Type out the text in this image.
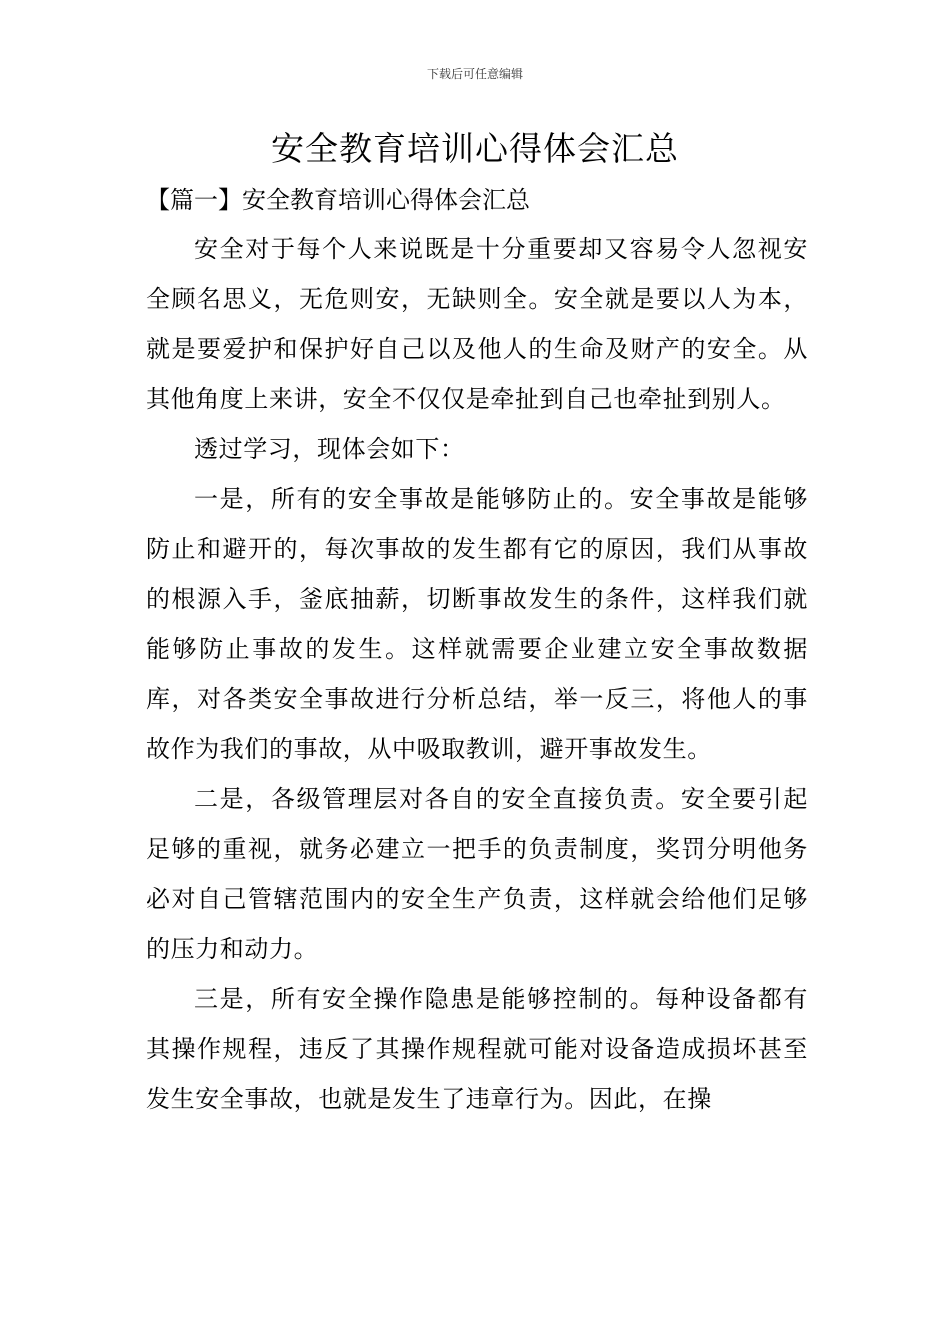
下载后可任意编辑
安全教育培训心得体会汇总
【篇一】安全教育培训心得体会汇总

安全对于每个人来说既是十分重要却又容易令人忽视安全顾名思义，无危则安，无缺则全。安全就是要以人为本，就是要爱护和保护好自己以及他人的生命及财产的安全。从其他角度上来讲，安全不仅仅是牵扯到自己也牵扯到别人。

透过学习，现体会如下：

一是，所有的安全事故是能够防止的。安全事故是能够防止和避开的，每次事故的发生都有它的原因，我们从事故的根源入手，釜底抽薪，切断事故发生的条件，这样我们就能够防止事故的发生。这样就需要企业建立安全事故数据库，对各类安全事故进行分析总结，举一反三，将他人的事故作为我们的事故，从中吸取教训，避开事故发生。

二是，各级管理层对各自的安全直接负责。安全要引起足够的重视，就务必建立一把手的负责制度，奖罚分明他务必对自己管辖范围内的安全生产负责，这样就会给他们足够的压力和动力。

三是，所有安全操作隐患是能够控制的。每种设备都有其操作规程，违反了其操作规程就可能对设备造成损坏甚至发生安全事故，也就是发生了违章行为。因此，在操
